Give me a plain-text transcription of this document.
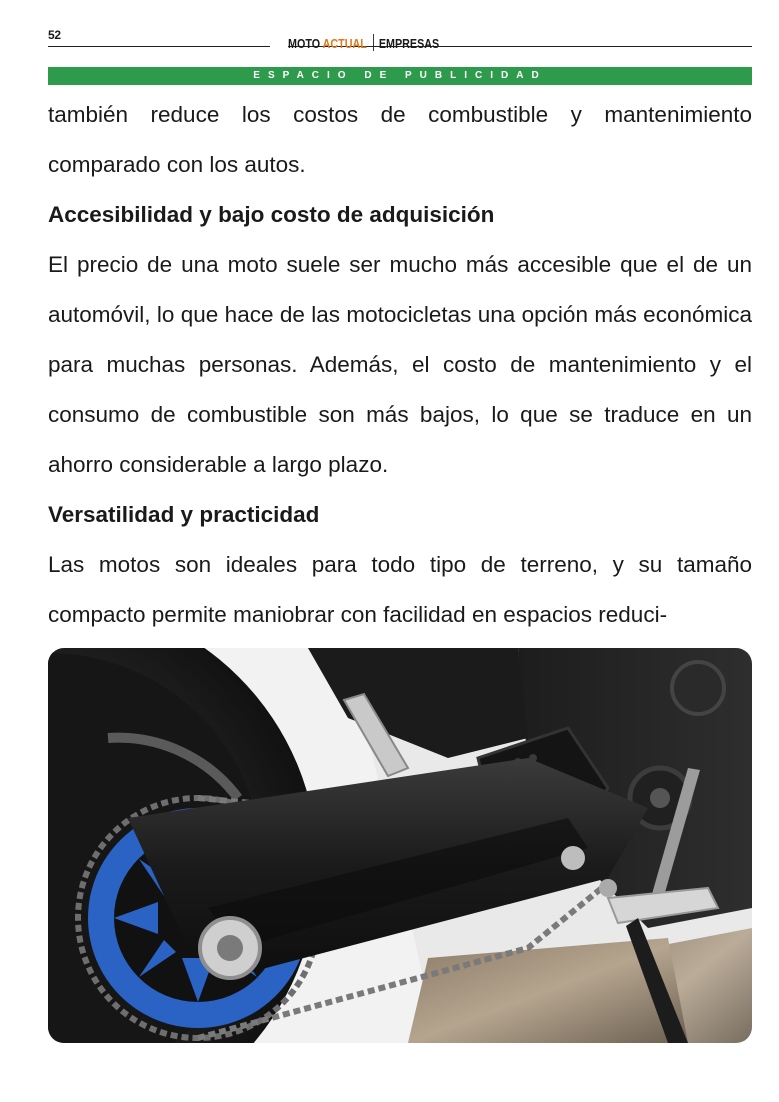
52
MOTO ACTUAL EMPRESAS
ESPACIO DE PUBLICIDAD

también reduce los costos de combustible y mantenimiento comparado con los autos.

Accesibilidad y bajo costo de adquisición

El precio de una moto suele ser mucho más accesible que el de un automóvil, lo que hace de las motocicletas una opción más económica para muchas personas. Además, el costo de mantenimiento y el consumo de combustible son más bajos, lo que se traduce en un ahorro considerable a largo plazo.

Versatilidad y practicidad

Las motos son ideales para todo tipo de terreno, y su tamaño compacto permite maniobrar con facilidad en espacios reduci-
